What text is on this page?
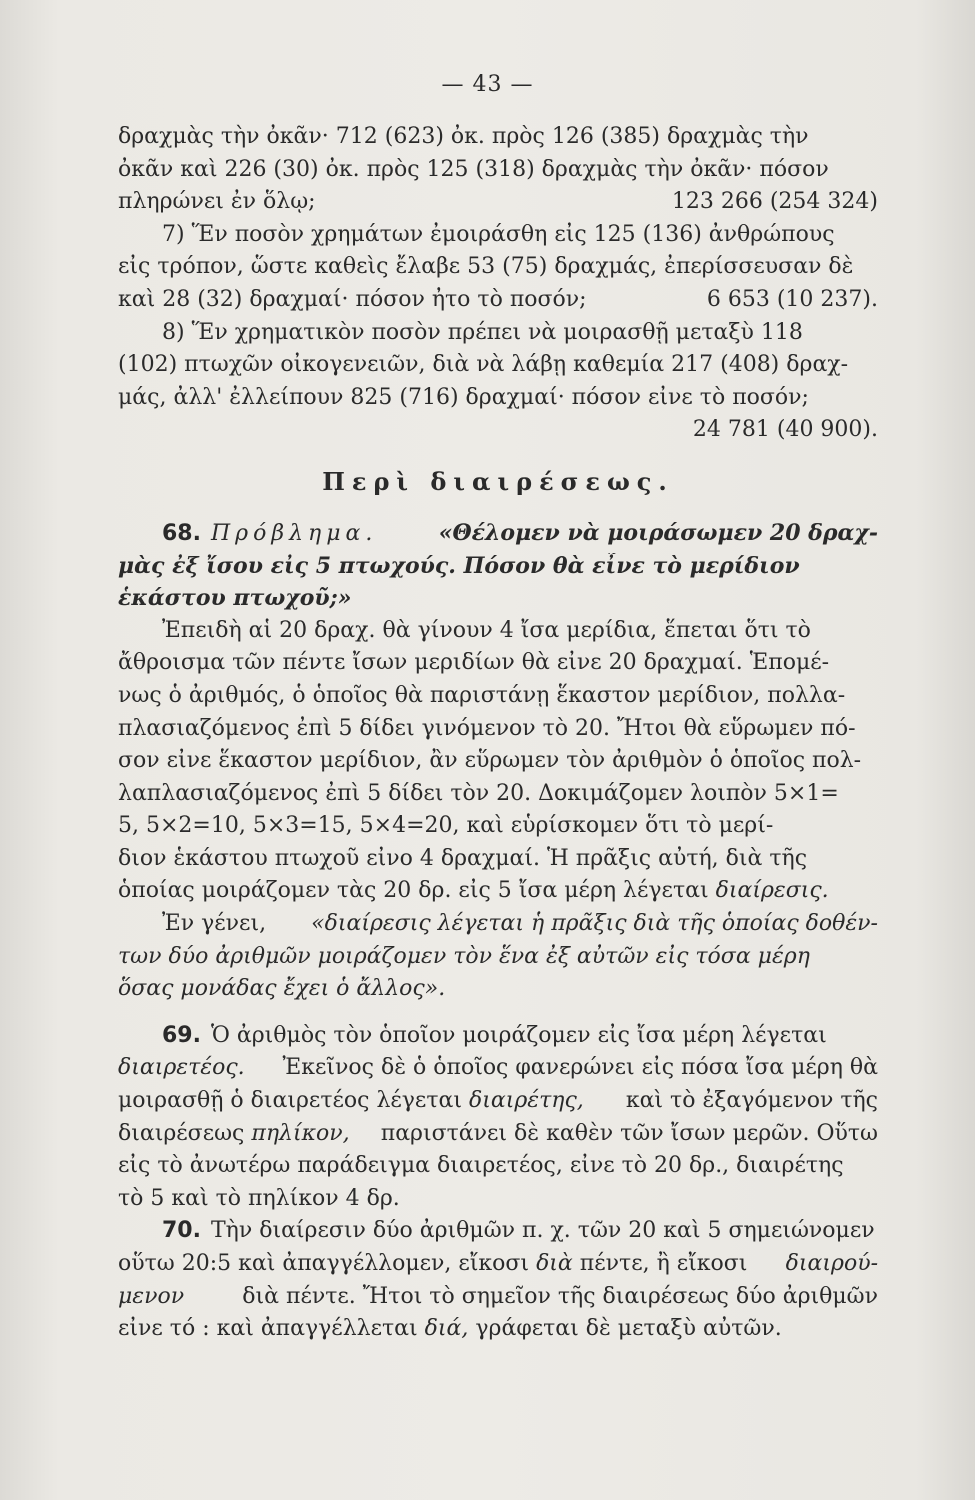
— 43 —
δραχμὰς τὴν ὀκᾶν· 712 (623) ὀκ. πρὸς 126 (385) δραχμὰς τὴν
ὀκᾶν καὶ 226 (30) ὀκ. πρὸς 125 (318) δραχμὰς τὴν ὀκᾶν· πόσον
πληρώνει ἐν ὅλῳ;	123 266 (254 324)
7) Ἕν ποσὸν χρημάτων ἐμοιράσθη εἰς 125 (136) ἀνθρώπους
εἰς τρόπον, ὥστε καθεὶς ἔλαβε 53 (75) δραχμάς, ἐπερίσσευσαν δὲ
καὶ 28 (32) δραχμαί· πόσον ἦτο τὸ ποσόν;	6 653 (10 237).
8) Ἕν χρηματικὸν ποσὸν πρέπει νὰ μοιρασθῇ μεταξὺ 118
(102) πτωχῶν οἰκογενειῶν, διὰ νὰ λάβῃ καθεμία 217 (408) δραχ-
μάς, ἀλλ' ἐλλείπουν 825 (716) δραχμαί· πόσον εἶνε τὸ ποσόν;
24 781 (40 900).
Περὶ διαιρέσεως.
68. Πρόβλημα.	«Θέλομεν νὰ μοιράσωμεν 20 δραχ-
μὰς ἐξ ἴσου εἰς 5 πτωχούς. Πόσον θὰ εἶνε τὸ μερίδιον
ἑκάστου πτωχοῦ;»
Ἐπειδὴ αἱ 20 δραχ. θὰ γίνουν 4 ἴσα μερίδια, ἕπεται ὅτι τὸ
ἄθροισμα τῶν πέντε ἴσων μεριδίων θὰ εἶνε 20 δραχμαί. Ἑπομέ-
νως ὁ ἀριθμός, ὁ ὁποῖος θὰ παριστάνῃ ἕκαστον μερίδιον, πολλα-
πλασιαζόμενος ἐπὶ 5 δίδει γινόμενον τὸ 20. Ἤτοι θὰ εὕρωμεν πό-
σον εἶνε ἕκαστον μερίδιον, ἂν εὕρωμεν τὸν ἀριθμὸν ὁ ὁποῖος πολ-
λαπλασιαζόμενος ἐπὶ 5 δίδει τὸν 20. Δοκιμάζομεν λοιπὸν 5×1=
5, 5×2=10, 5×3=15, 5×4=20, καὶ εὑρίσκομεν ὅτι τὸ μερί-
διον ἑκάστου πτωχοῦ εἶνο 4 δραχμαί. Ἡ πρᾶξις αὐτή, διὰ τῆς
ὁποίας μοιράζομεν τὰς 20 δρ. εἰς 5 ἴσα μέρη λέγεται
διαίρεσις.
Ἐν γένει,
«διαίρεσις λέγεται ἡ πρᾶξις διὰ τῆς ὁποίας δοθέν-
των δύο ἀριθμῶν μοιράζομεν τὸν ἕνα ἐξ αὐτῶν εἰς τόσα μέρη
ὅσας μονάδας ἔχει ὁ ἄλλος».
69. Ὁ ἀριθμὸς τὸν ὁποῖον μοιράζομεν εἰς ἴσα μέρη λέγεται
διαιρετέος.
Ἐκεῖνος δὲ ὁ ὁποῖος φανερώνει εἰς πόσα ἴσα μέρη θὰ
μοιρασθῇ ὁ διαιρετέος λέγεται διαιρέτης, καὶ τὸ ἐξαγόμενον τῆς
διαιρέσεως πηλίκον, παριστάνει δὲ καθὲν τῶν ἴσων μερῶν. Οὕτω
εἰς τὸ ἀνωτέρω παράδειγμα διαιρετέος, εἶνε τὸ 20 δρ., διαιρέτης
τὸ 5 καὶ τὸ πηλίκον 4 δρ.
70. Τὴν διαίρεσιν δύο ἀριθμῶν π. χ. τῶν 20 καὶ 5 σημειώνομεν
οὕτω 20:5 καὶ ἀπαγγέλλομεν, εἴκοσι διὰ πέντε, ἢ εἴκοσι διαιρού-
μενον
	διὰ πέντε. Ἤτοι τὸ σημεῖον τῆς διαιρέσεως δύο ἀριθμῶν
εἶνε τό : καὶ ἀπαγγέλλεται
διά,
γράφεται δὲ μεταξὺ αὐτῶν.
